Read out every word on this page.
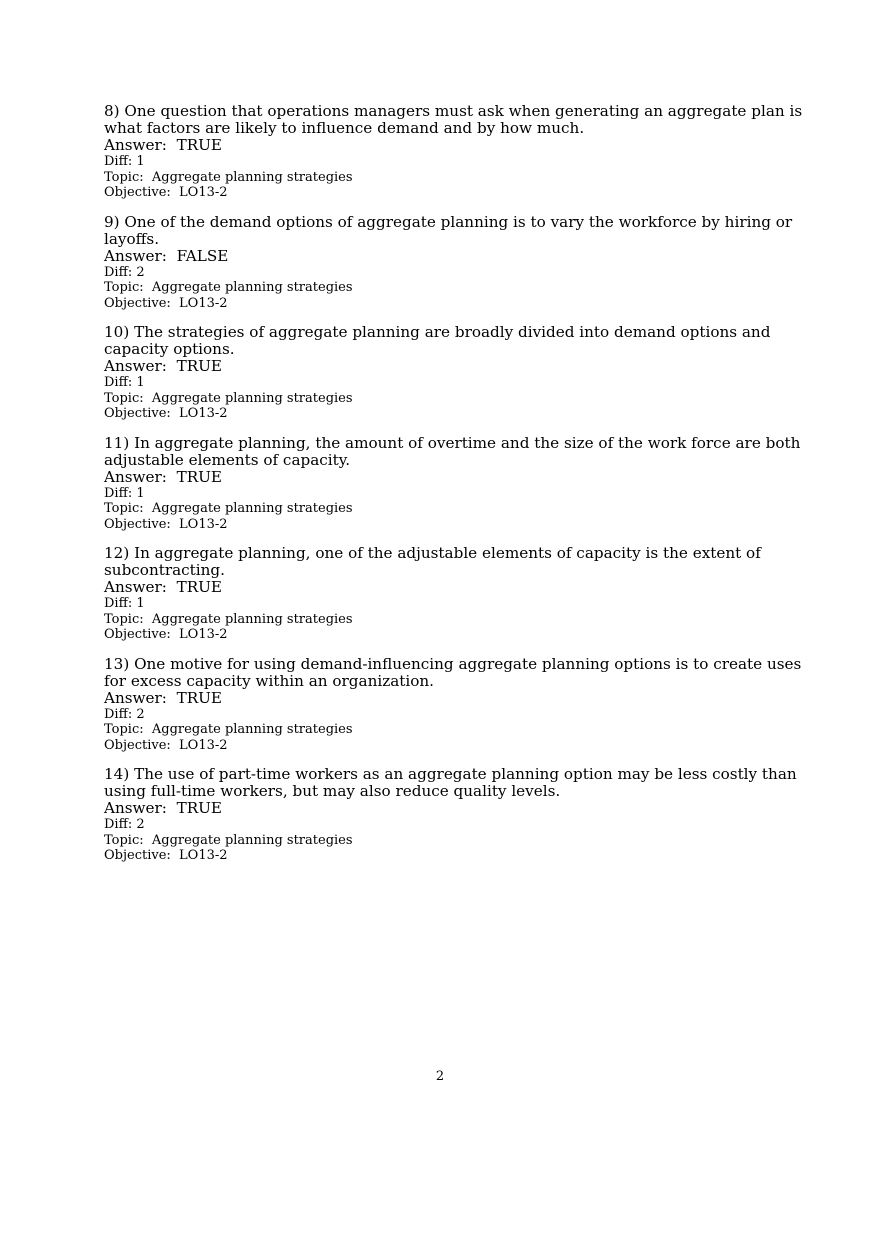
8) One question that operations managers must ask when generating an aggregate plan is

what factors are likely to influence demand and by how much.

Answer:  TRUE

Diff: 1

Topic:  Aggregate planning strategies

Objective:  LO13-2

9) One of the demand options of aggregate planning is to vary the workforce by hiring or

layoffs.

Answer:  FALSE

Diff: 2

Topic:  Aggregate planning strategies

Objective:  LO13-2

10) The strategies of aggregate planning are broadly divided into demand options and

capacity options.

Answer:  TRUE

Diff: 1

Topic:  Aggregate planning strategies

Objective:  LO13-2

11) In aggregate planning, the amount of overtime and the size of the work force are both

adjustable elements of capacity.

Answer:  TRUE

Diff: 1

Topic:  Aggregate planning strategies

Objective:  LO13-2

12) In aggregate planning, one of the adjustable elements of capacity is the extent of

subcontracting.

Answer:  TRUE

Diff: 1

Topic:  Aggregate planning strategies

Objective:  LO13-2

13) One motive for using demand-influencing aggregate planning options is to create uses

for excess capacity within an organization.

Answer:  TRUE

Diff: 2

Topic:  Aggregate planning strategies

Objective:  LO13-2

14) The use of part-time workers as an aggregate planning option may be less costly than

using full-time workers, but may also reduce quality levels.

Answer:  TRUE

Diff: 2

Topic:  Aggregate planning strategies

Objective:  LO13-2

2
